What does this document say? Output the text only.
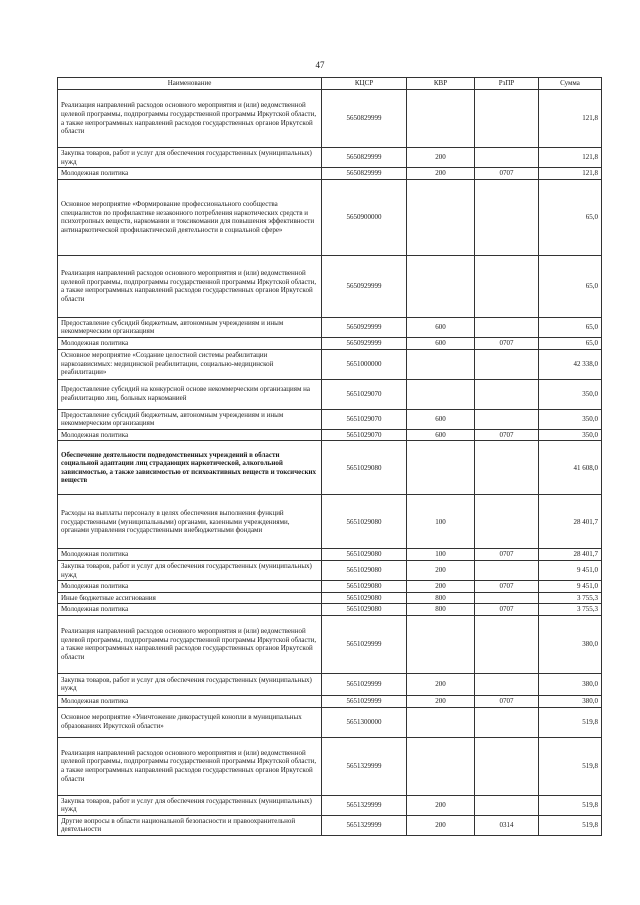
47
Наименование	КЦСР	КВР	РзПР	Сумма
Реализация направлений расходов основного мероприятия и (или) ведомственной целевой программы, подпрограммы государственной программы Иркутской области, а также непрограммных направлений расходов государственных органов Иркутской области	5650829999			121,8
Закупка товаров, работ и услуг для обеспечения государственных (муниципальных) нужд	5650829999	200		121,8
Молодежная политика	5650829999	200	0707	121,8
Основное мероприятие «Формирование профессионального сообщества специалистов по профилактике незаконного потребления наркотических средств и психотропных веществ, наркомании и токсикомании для повышения эффективности антинаркотической профилактической деятельности в социальной сфере»	5650900000			65,0
Реализация направлений расходов основного мероприятия и (или) ведомственной целевой программы, подпрограммы государственной программы Иркутской области, а также непрограммных направлений расходов государственных органов Иркутской области	5650929999			65,0
Предоставление субсидий бюджетным, автономным учреждениям и иным некоммерческим организациям	5650929999	600		65,0
Молодежная политика	5650929999	600	0707	65,0
Основное мероприятие «Создание целостной системы реабилитации наркозависимых: медицинской реабилитации, социально-медицинской реабилитации»	5651000000			42 338,0
Предоставление субсидий на конкурсной основе некоммерческим организациям на реабилитацию лиц, больных наркоманией	5651029070			350,0
Предоставление субсидий бюджетным, автономным учреждениям и иным некоммерческим организациям	5651029070	600		350,0
Молодежная политика	5651029070	600	0707	350,0
Обеспечение деятельности подведомственных учреждений в области социальной адаптации лиц страдающих наркотической, алкогольной зависимостью, а также зависимостью от психоактивных веществ и токсических веществ	5651029080			41 608,0
Расходы на выплаты персоналу в целях обеспечения выполнения функций государственными (муниципальными) органами, казенными учреждениями, органами управления государственными внебюджетными фондами	5651029080	100		28 401,7
Молодежная политика	5651029080	100	0707	28 401,7
Закупка товаров, работ и услуг для обеспечения государственных (муниципальных) нужд	5651029080	200		9 451,0
Молодежная политика	5651029080	200	0707	9 451,0
Иные бюджетные ассигнования	5651029080	800		3 755,3
Молодежная политика	5651029080	800	0707	3 755,3
Реализация направлений расходов основного мероприятия и (или) ведомственной целевой программы, подпрограммы государственной программы Иркутской области, а также непрограммных направлений расходов государственных органов Иркутской области	5651029999			380,0
Закупка товаров, работ и услуг для обеспечения государственных (муниципальных) нужд	5651029999	200		380,0
Молодежная политика	5651029999	200	0707	380,0
Основное мероприятие «Уничтожение дикорастущей конопли в муниципальных образованиях Иркутской области»	5651300000			519,8
Реализация направлений расходов основного мероприятия и (или) ведомственной целевой программы, подпрограммы государственной программы Иркутской области, а также непрограммных направлений расходов государственных органов Иркутской области	5651329999			519,8
Закупка товаров, работ и услуг для обеспечения государственных (муниципальных) нужд	5651329999	200		519,8
Другие вопросы в области национальной безопасности и правоохранительной деятельности	5651329999	200	0314	519,8
